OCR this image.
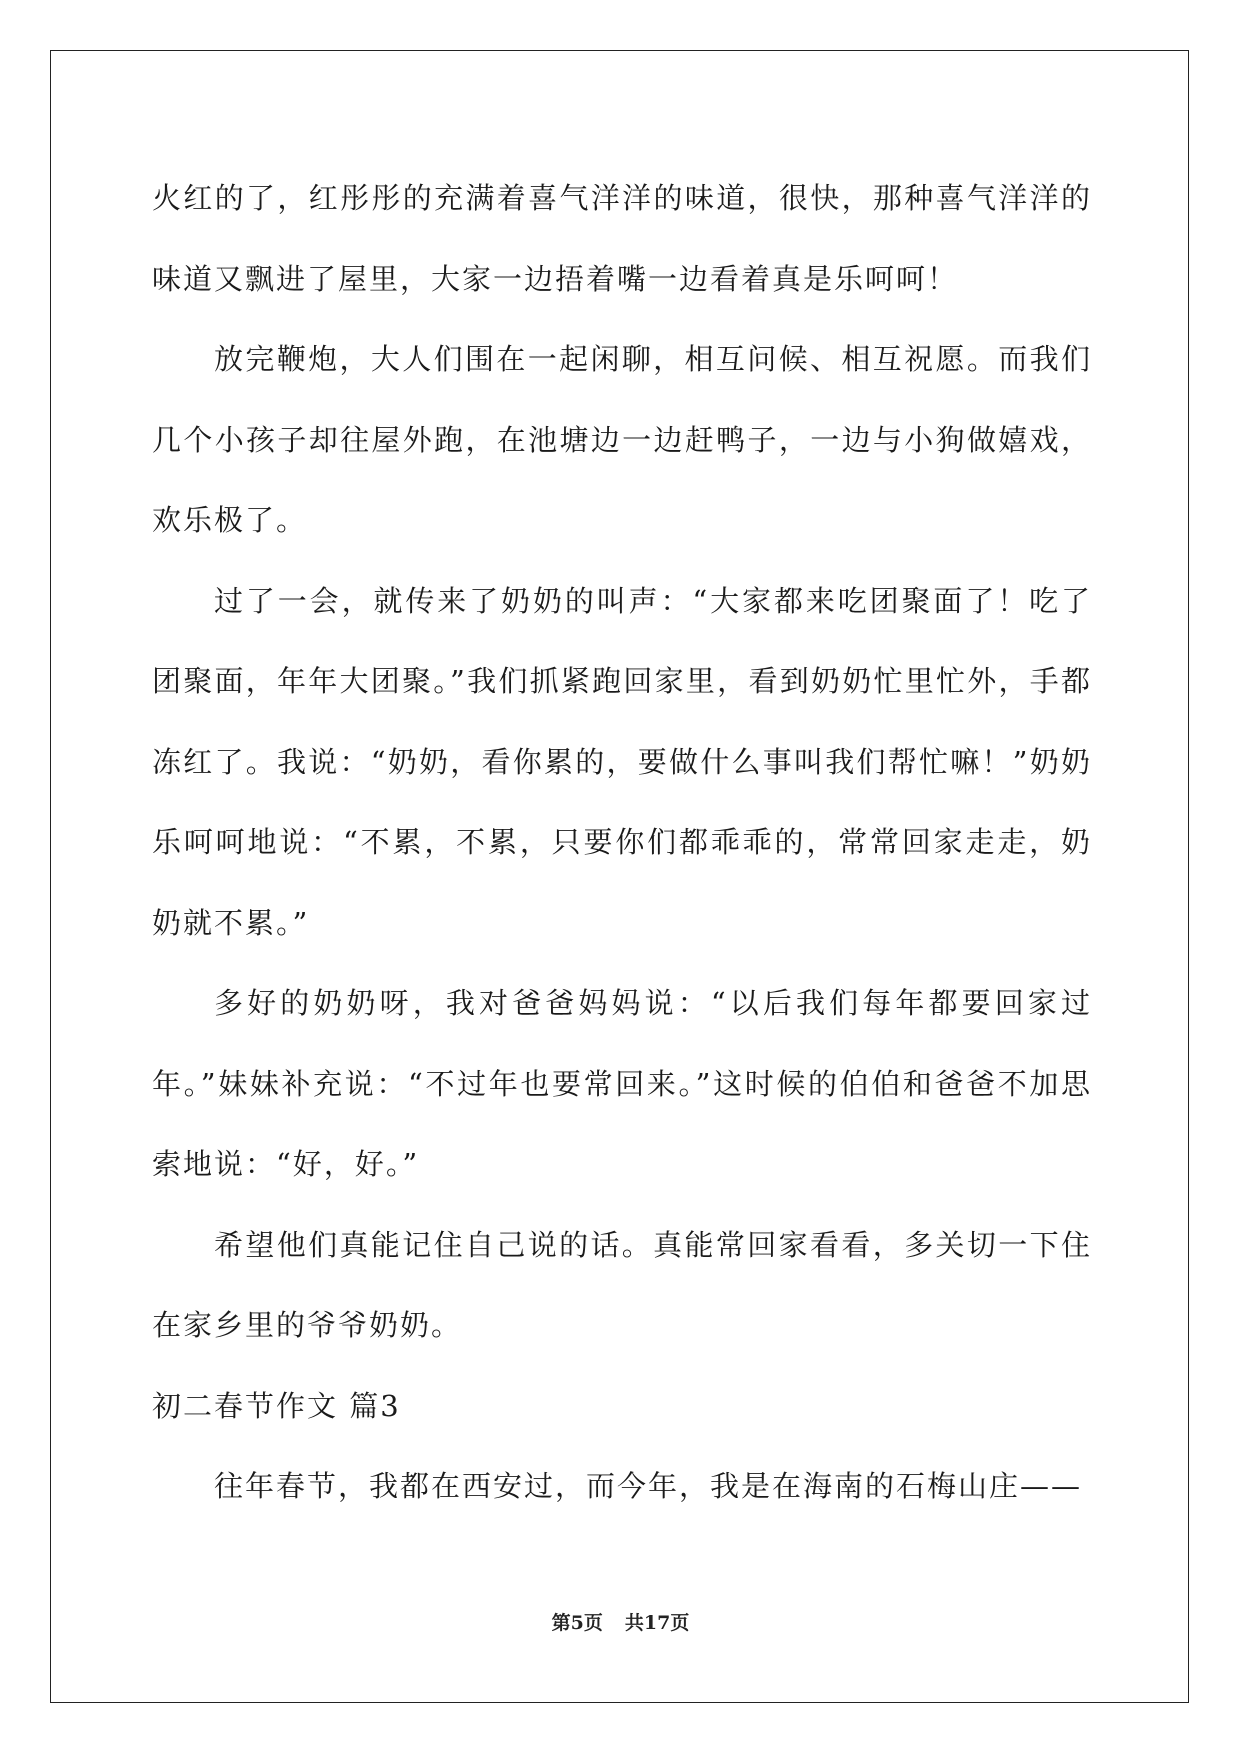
火红的了，红彤彤的充满着喜气洋洋的味道，很快，那种喜气洋洋的味道又飘进了屋里，大家一边捂着嘴一边看着真是乐呵呵！

放完鞭炮，大人们围在一起闲聊，相互问候、相互祝愿。而我们几个小孩子却往屋外跑，在池塘边一边赶鸭子，一边与小狗做嬉戏，欢乐极了。

过了一会，就传来了奶奶的叫声：“大家都来吃团聚面了！吃了团聚面，年年大团聚。”我们抓紧跑回家里，看到奶奶忙里忙外，手都冻红了。我说：“奶奶，看你累的，要做什么事叫我们帮忙嘛！”奶奶乐呵呵地说：“不累，不累，只要你们都乖乖的，常常回家走走，奶奶就不累。”

多好的奶奶呀，我对爸爸妈妈说：“以后我们每年都要回家过年。”妹妹补充说：“不过年也要常回来。”这时候的伯伯和爸爸不加思索地说：“好，好。”

希望他们真能记住自己说的话。真能常回家看看，多关切一下住在家乡里的爷爷奶奶。

初二春节作文 篇3

往年春节，我都在西安过，而今年，我是在海南的石梅山庄——

第5页 共17页
